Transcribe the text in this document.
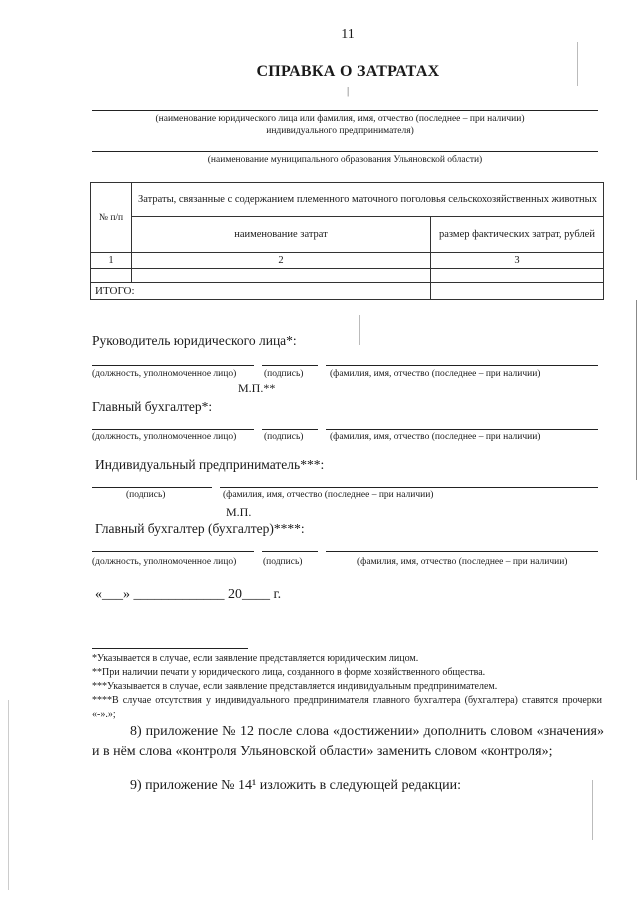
11
СПРАВКА О ЗАТРАТАХ
|
(наименование юридического лица или фамилия, имя, отчество (последнее – при наличии) индивидуального предпринимателя)
(наименование муниципального образования Ульяновской области)
№ п/п	Затраты, связанные с содержанием племенного маточного поголовья сельскохозяйственных животных	
	наименование затрат	размер фактических затрат, рублей
1	2	3

ИТОГО:		
Руководитель юридического лица*:
(должность, уполномоченное лицо)	(подпись)	(фамилия, имя, отчество (последнее – при наличии)
М.П.**
Главный бухгалтер*:
(должность, уполномоченное лицо)	(подпись)	(фамилия, имя, отчество (последнее – при наличии)
Индивидуальный предприниматель***:
(подпись)	(фамилия, имя, отчество (последнее – при наличии)
М.П.
Главный бухгалтер (бухгалтер)****:
(должность, уполномоченное лицо)	(подпись)	(фамилия, имя, отчество (последнее – при наличии)
«___» _____________ 20____ г.
*Указывается в случае, если заявление представляется юридическим лицом.
**При наличии печати у юридического лица, созданного в форме хозяйственного общества.
***Указывается в случае, если заявление представляется индивидуальным предпринимателем.
****В случае отсутствия у индивидуального предпринимателя главного бухгалтера (бухгалтера) ставятся прочерки «-».»;
8) приложение № 12 после слова «достижении» дополнить словом «значения» и в нём слова «контроля Ульяновской области» заменить словом «контроля»;
9) приложение № 14¹ изложить в следующей редакции:
